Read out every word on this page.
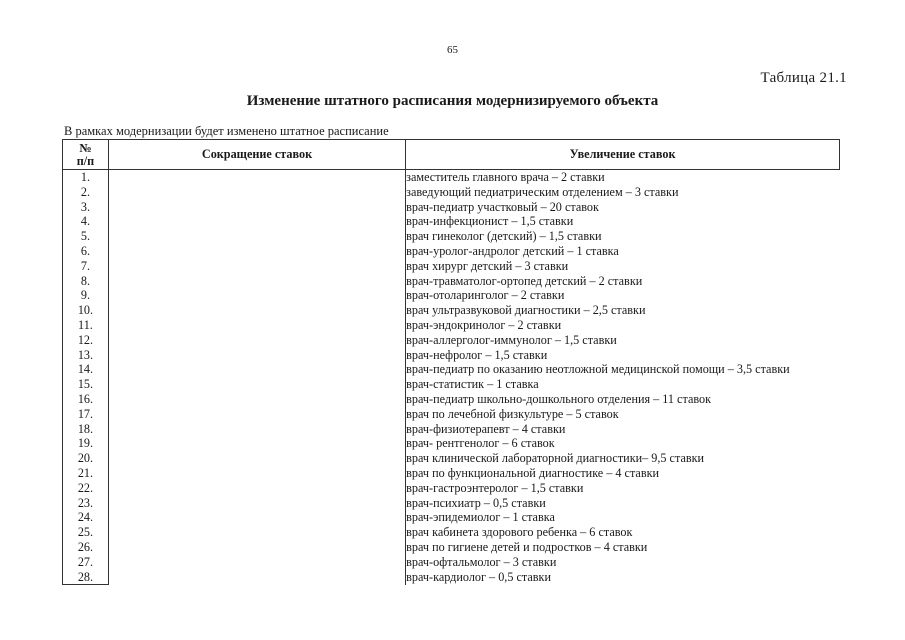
65
Таблица 21.1
Изменение штатного расписания модернизируемого объекта
В рамках модернизации будет изменено штатное расписание
№
п/п	Сокращение ставок	Увеличение ставок
1.		заместитель главного врача – 2 ставки
2.		заведующий педиатрическим отделением – 3 ставки
3.		врач-педиатр участковый – 20 ставок
4.		врач-инфекционист – 1,5 ставки
5.		врач гинеколог (детский) – 1,5 ставки
6.		врач-уролог-андролог детский – 1 ставка
7.		врач хирург детский – 3 ставки
8.		врач-травматолог-ортопед детский – 2 ставки
9.		врач-отоларинголог – 2 ставки
10.		врач ультразвуковой диагностики – 2,5 ставки
11.		врач-эндокринолог – 2 ставки
12.		врач-аллерголог-иммунолог – 1,5 ставки
13.		врач-нефролог – 1,5 ставки
14.		врач-педиатр по оказанию неотложной медицинской помощи – 3,5 ставки
15.		врач-статистик – 1 ставка
16.		врач-педиатр школьно-дошкольного отделения – 11 ставок
17.		врач по лечебной физкультуре – 5 ставок
18.		врач-физиотерапевт – 4 ставки
19.		врач- рентгенолог – 6 ставок
20.		врач клинической лабораторной диагностики– 9,5 ставки
21.		врач по функциональной диагностике – 4 ставки
22.		врач-гастроэнтеролог – 1,5 ставки
23.		врач-психиатр – 0,5 ставки
24.		врач-эпидемиолог – 1 ставка
25.		врач кабинета здорового ребенка – 6 ставок
26.		врач по гигиене детей и подростков – 4 ставки
27.		врач-офтальмолог – 3 ставки
28.		врач-кардиолог – 0,5 ставки
